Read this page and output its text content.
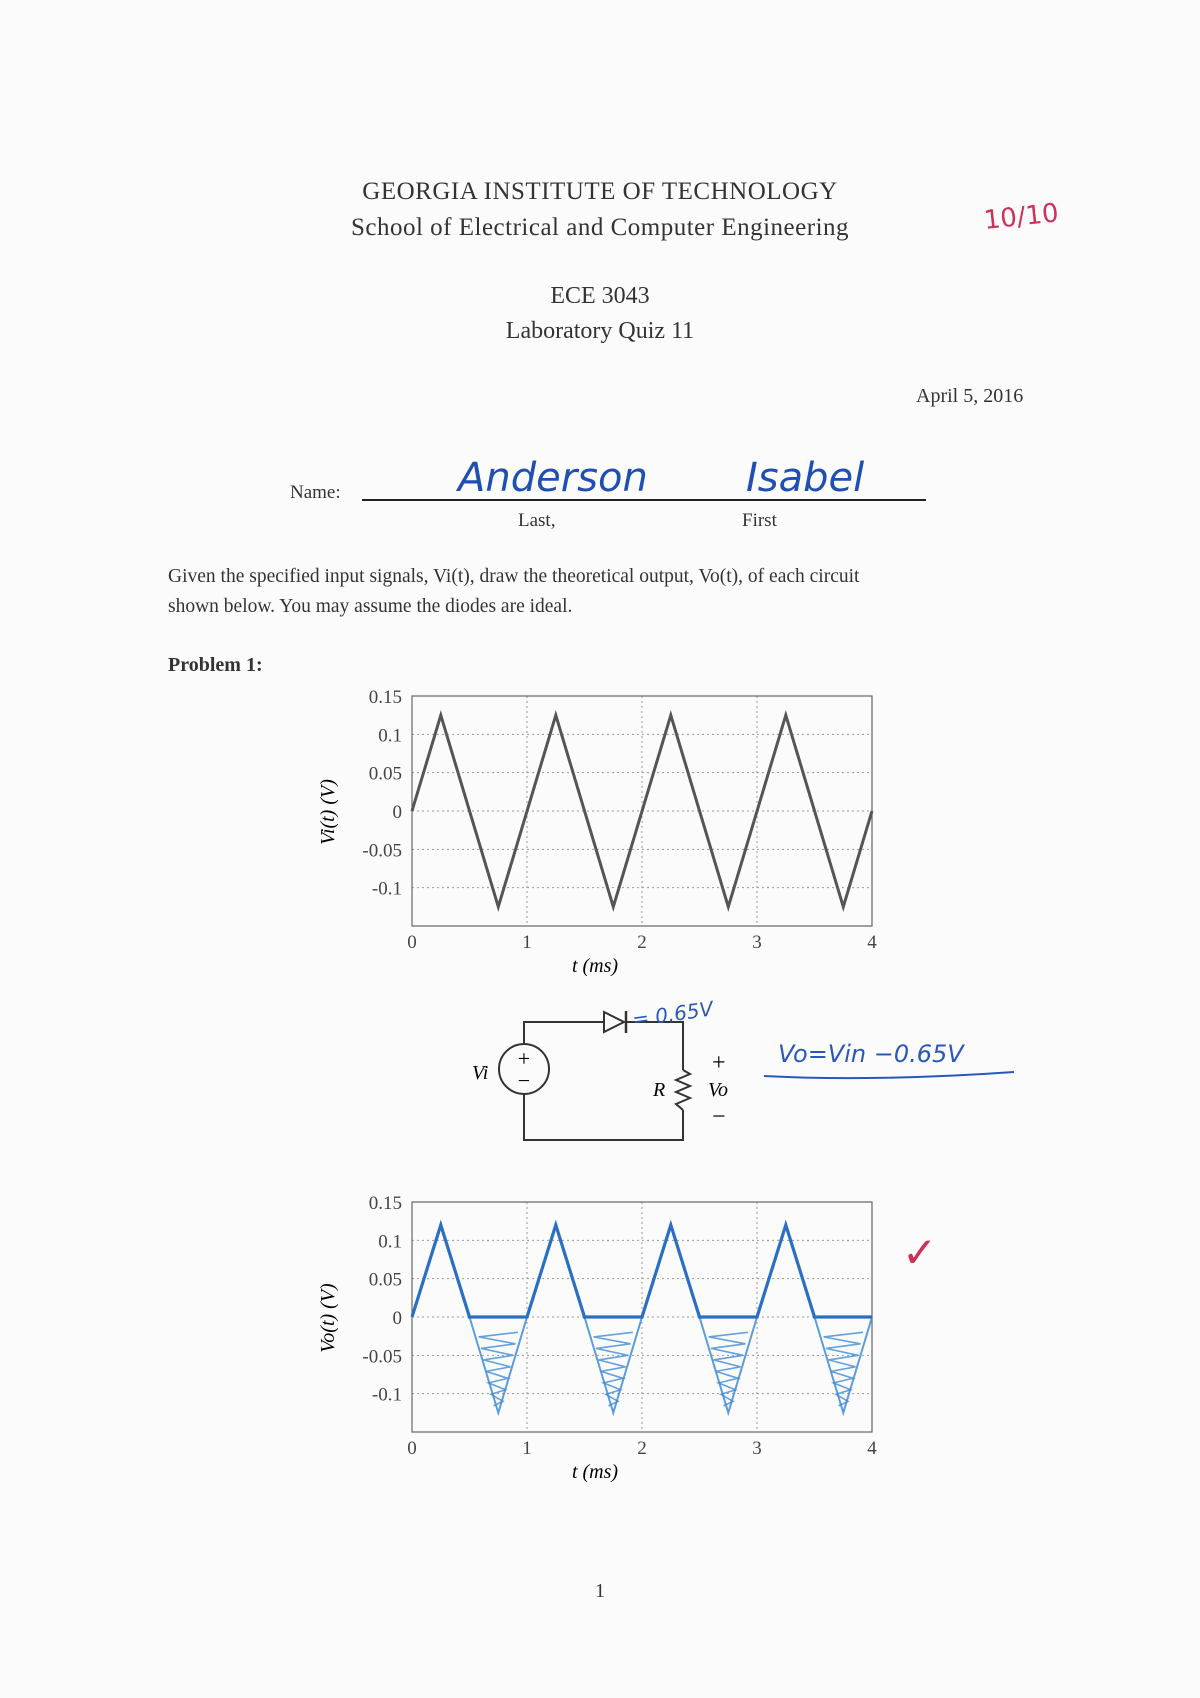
GEORGIA INSTITUTE OF TECHNOLOGY
School of Electrical and Computer Engineering	10/10
ECE 3043
Laboratory Quiz 11
April 5, 2016
Name:	Anderson Isabel
Last,	First
Given the specified input signals, Vi(t), draw the theoretical output, Vo(t), of each circuit
shown below. You may assume the diodes are ideal.
Problem 1:
0.15
0.1
0.05
0
-0.05
-0.1
0	1	2	3	4
t (ms)
Vi(t) (V)
+
−
Vi
R Vo
+
−
= 0.65V
Vo=Vin −0.65V
0.15
0.1
0.05
0
-0.05
-0.1
0	1	2	3	4
t (ms)
Vo(t) (V)
✓
1
